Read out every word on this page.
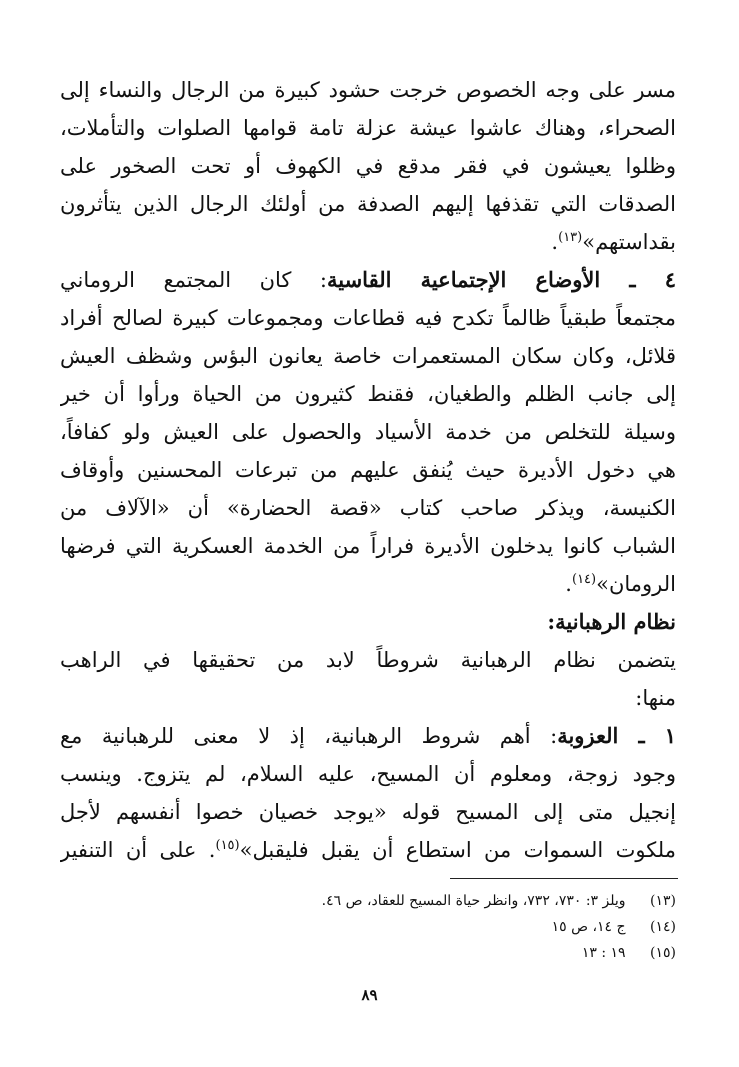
مسر على وجه الخصوص خرجت حشود كبيرة من الرجال والنساء إلى
الصحراء، وهناك عاشوا عيشة عزلة تامة قوامها الصلوات والتأملات،
وظلوا يعيشون في فقر مدقع في الكهوف أو تحت الصخور على
الصدقات التي تقذفها إليهم الصدفة من أولئك الرجال الذين يتأثرون
بقداستهم»$^{(١٣)}$.
٤ ـ الأوضاع الإجتماعية القاسية: كان المجتمع الروماني
مجتمعاً طبقياً ظالماً تكدح فيه قطاعات ومجموعات كبيرة لصالح أفراد
قلائل، وكان سكان المستعمرات خاصة يعانون البؤس وشظف العيش
إلى جانب الظلم والطغيان، فقنط كثيرون من الحياة ورأوا أن خير
وسيلة للتخلص من خدمة الأسياد والحصول على العيش ولو كفافاً،
هي دخول الأديرة حيث يُنفق عليهم من تبرعات المحسنين وأوقاف
الكنيسة، ويذكر صاحب كتاب «قصة الحضارة» أن «الآلاف من
الشباب كانوا يدخلون الأديرة فراراً من الخدمة العسكرية التي فرضها
الرومان»$^{(١٤)}$.
نظام الرهبانية:
يتضمن نظام الرهبانية شروطاً لابد من تحقيقها في الراهب
منها:
١ ـ العزوبة: أهم شروط الرهبانية، إذ لا معنى للرهبانية مع
وجود زوجة، ومعلوم أن المسيح، عليه السلام، لم يتزوج. وينسب
إنجيل متى إلى المسيح قوله «يوجد خصيان خصوا أنفسهم لأجل
ملكوت السموات من استطاع أن يقبل فليقبل»$^{(١٥)}$. على أن التنفير
(١٣) ويلز ٣: ٧٣٠، ٧٣٢، وانظر حياة المسيح للعقاد، ص ٤٦.
(١٤) ج ١٤، ص ١٥
(١٥) ١٩ : ١٣
٨٩
